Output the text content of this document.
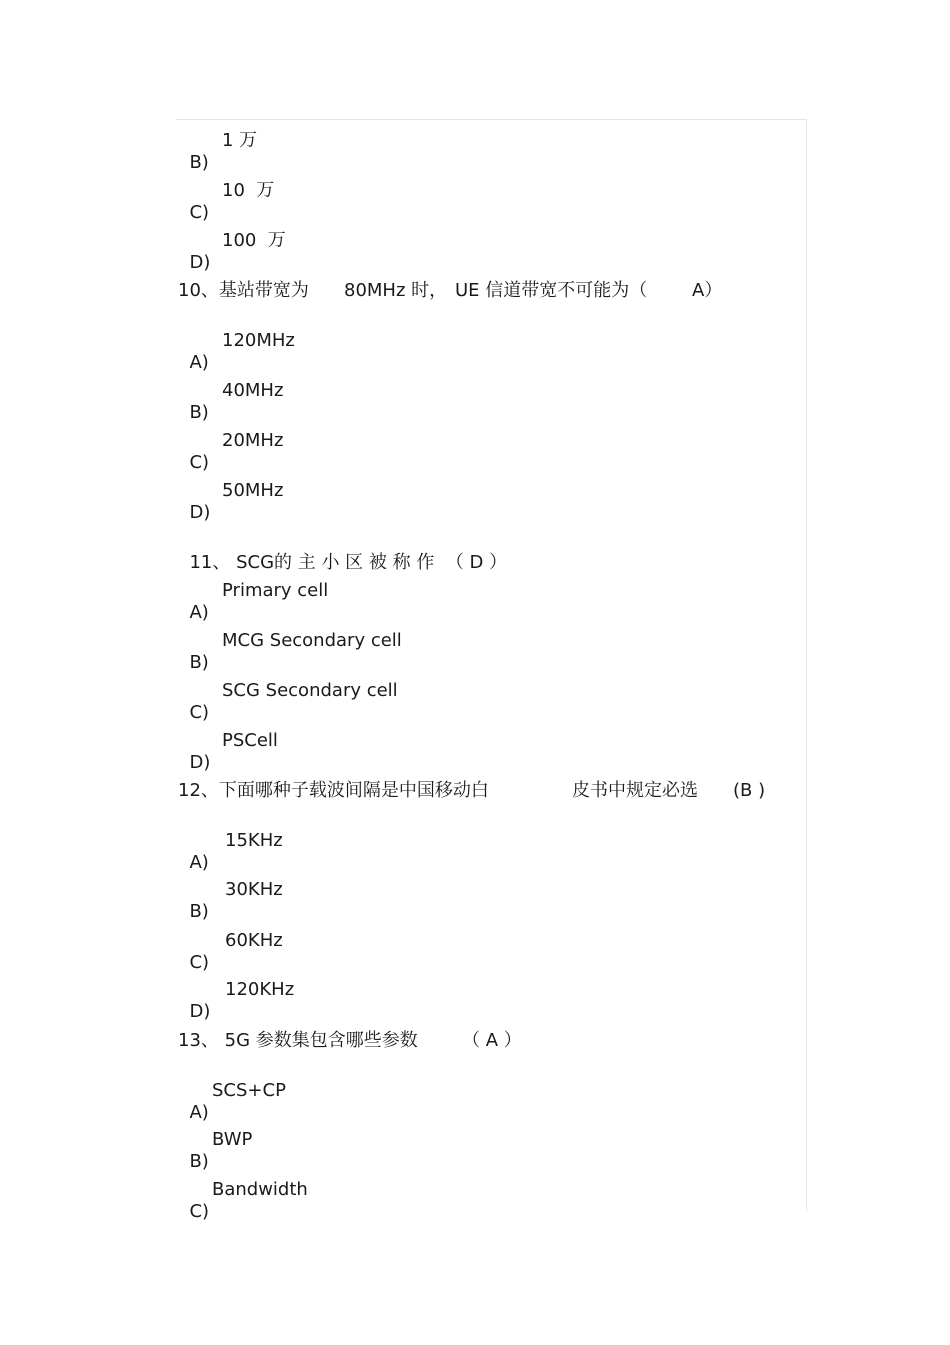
B)

1 万

C)

10  万

D)

100  万

10、基站带宽为

80MHz 时，

UE 信道带宽不可能为（

A）

A)

120MHz

B)

40MHz

C)

20MHz

D)

50MHz

11、 SCG的 主 小 区 被 称 作  （ D ）

A)

Primary cell

B)

MCG Secondary cell

C)

SCG Secondary cell

D)

PSCell

12、下面哪种子载波间隔是中国移动白

	皮书中规定必选

(B )

A)

15KHz

B)

30KHz

C)

60KHz

D)

120KHz

13、 5G 参数集包含哪些参数

（ A ）

A)

SCS+CP

B)

BWP

C)

Bandwidth
